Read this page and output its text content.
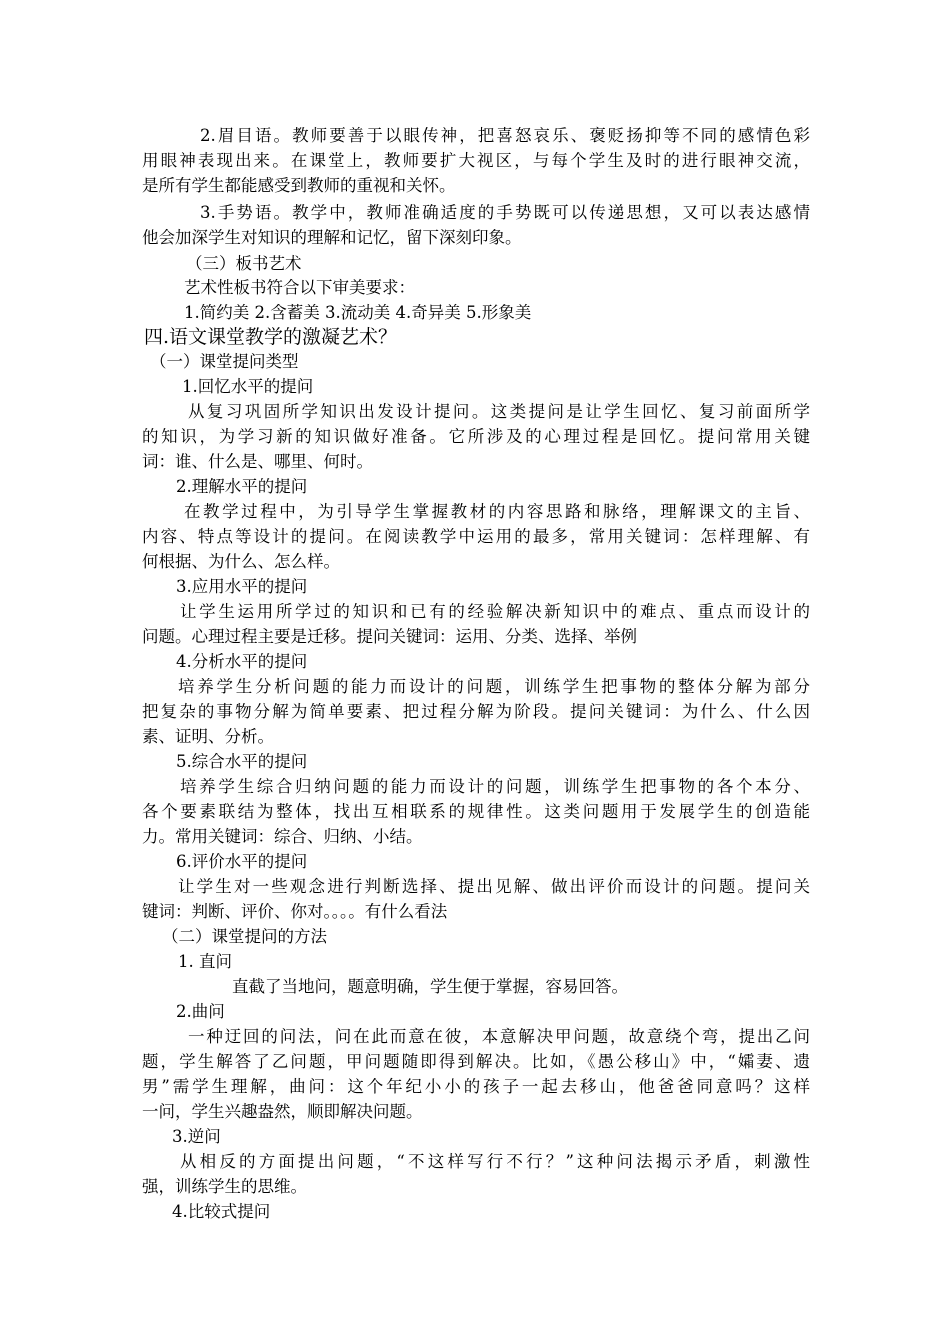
2.眉目语。教师要善于以眼传神，把喜怒哀乐、褒贬扬抑等不同的感情色彩
用眼神表现出来。在课堂上，教师要扩大视区，与每个学生及时的进行眼神交流，
是所有学生都能感受到教师的重视和关怀。
3.手势语。教学中，教师准确适度的手势既可以传递思想，又可以表达感情
他会加深学生对知识的理解和记忆，留下深刻印象。
（三）板书艺术
艺术性板书符合以下审美要求：
1.简约美 2.含蓄美 3.流动美 4.奇异美 5.形象美
四.语文课堂教学的激凝艺术？
（一）课堂提问类型
1.回忆水平的提问
从复习巩固所学知识出发设计提问。这类提问是让学生回忆、复习前面所学
的知识，为学习新的知识做好准备。它所涉及的心理过程是回忆。提问常用关键
词：谁、什么是、哪里、何时。
2.理解水平的提问
在教学过程中，为引导学生掌握教材的内容思路和脉络，理解课文的主旨、
内容、特点等设计的提问。在阅读教学中运用的最多，常用关键词：怎样理解、有
何根据、为什么、怎么样。
3.应用水平的提问
让学生运用所学过的知识和已有的经验解决新知识中的难点、重点而设计的
问题。心理过程主要是迁移。提问关键词：运用、分类、选择、举例
4.分析水平的提问
培养学生分析问题的能力而设计的问题，训练学生把事物的整体分解为部分
把复杂的事物分解为简单要素、把过程分解为阶段。提问关键词：为什么、什么因
素、证明、分析。
5.综合水平的提问
培养学生综合归纳问题的能力而设计的问题，训练学生把事物的各个本分、
各个要素联结为整体，找出互相联系的规律性。这类问题用于发展学生的创造能
力。常用关键词：综合、归纳、小结。
6.评价水平的提问
让学生对一些观念进行判断选择、提出见解、做出评价而设计的问题。提问关
键词：判断、评价、你对。。。。有什么看法
（二）课堂提问的方法
1. 直问
直截了当地问，题意明确，学生便于掌握，容易回答。
2.曲问
一种迂回的问法，问在此而意在彼，本意解决甲问题，故意绕个弯，提出乙问
题，学生解答了乙问题，甲问题随即得到解决。比如，《愚公移山》中，“孀妻、遗
男”需学生理解，曲问：这个年纪小小的孩子一起去移山，他爸爸同意吗？这样
一问，学生兴趣盎然，顺即解决问题。
3.逆问
从相反的方面提出问题，“不这样写行不行？”这种问法揭示矛盾，刺激性
强，训练学生的思维。
4.比较式提问
